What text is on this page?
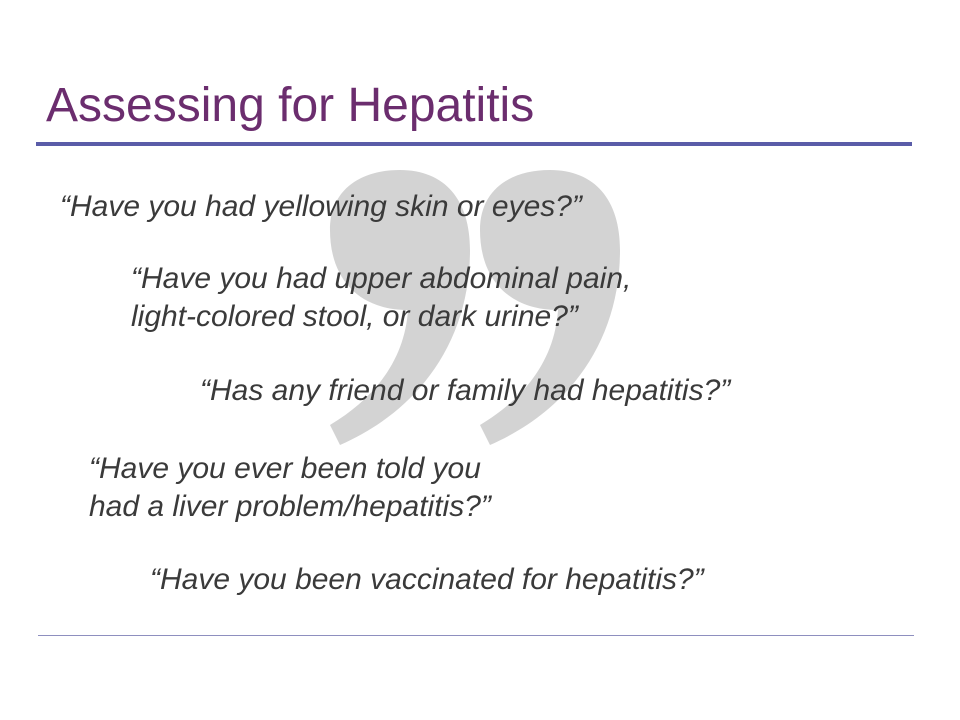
Assessing for Hepatitis

“Have you had yellowing skin or eyes?”

“Have you had upper abdominal pain,
light-colored stool, or dark urine?”

“Has any friend or family had hepatitis?”

“Have you ever been told you
had a liver problem/hepatitis?”

“Have you been vaccinated for hepatitis?”
